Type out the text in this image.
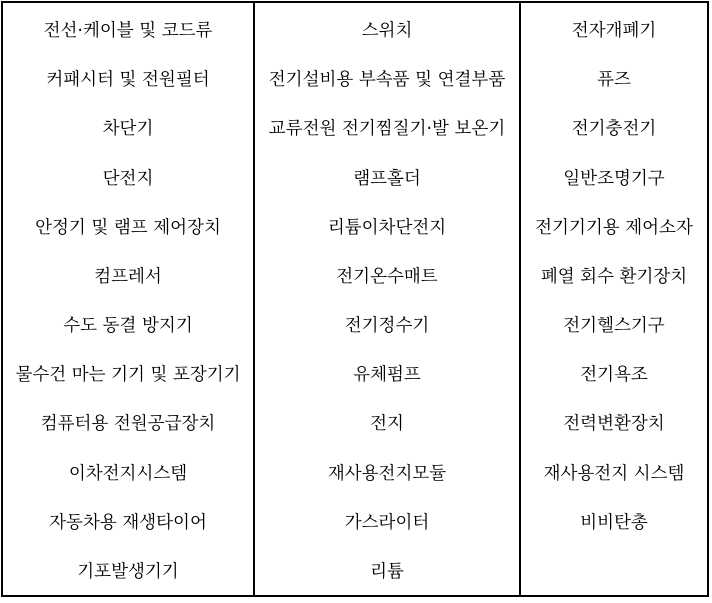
전선·케이블 및 코드류
커패시터 및 전원필터
차단기
단전지
안정기 및 램프 제어장치
컴프레서
수도 동결 방지기
물수건 마는 기기 및 포장기기
컴퓨터용 전원공급장치
이차전지시스템
자동차용 재생타이어
기포발생기기
스위치
전기설비용 부속품 및 연결부품
교류전원 전기찜질기·발 보온기
램프홀더
리튬이차단전지
전기온수매트
전기정수기
유체펌프
전지
재사용전지모듈
가스라이터
리튬
전자개폐기
퓨즈
전기충전기
일반조명기구
전기기기용 제어소자
폐열 회수 환기장치
전기헬스기구
전기욕조
전력변환장치
재사용전지 시스템
비비탄총
